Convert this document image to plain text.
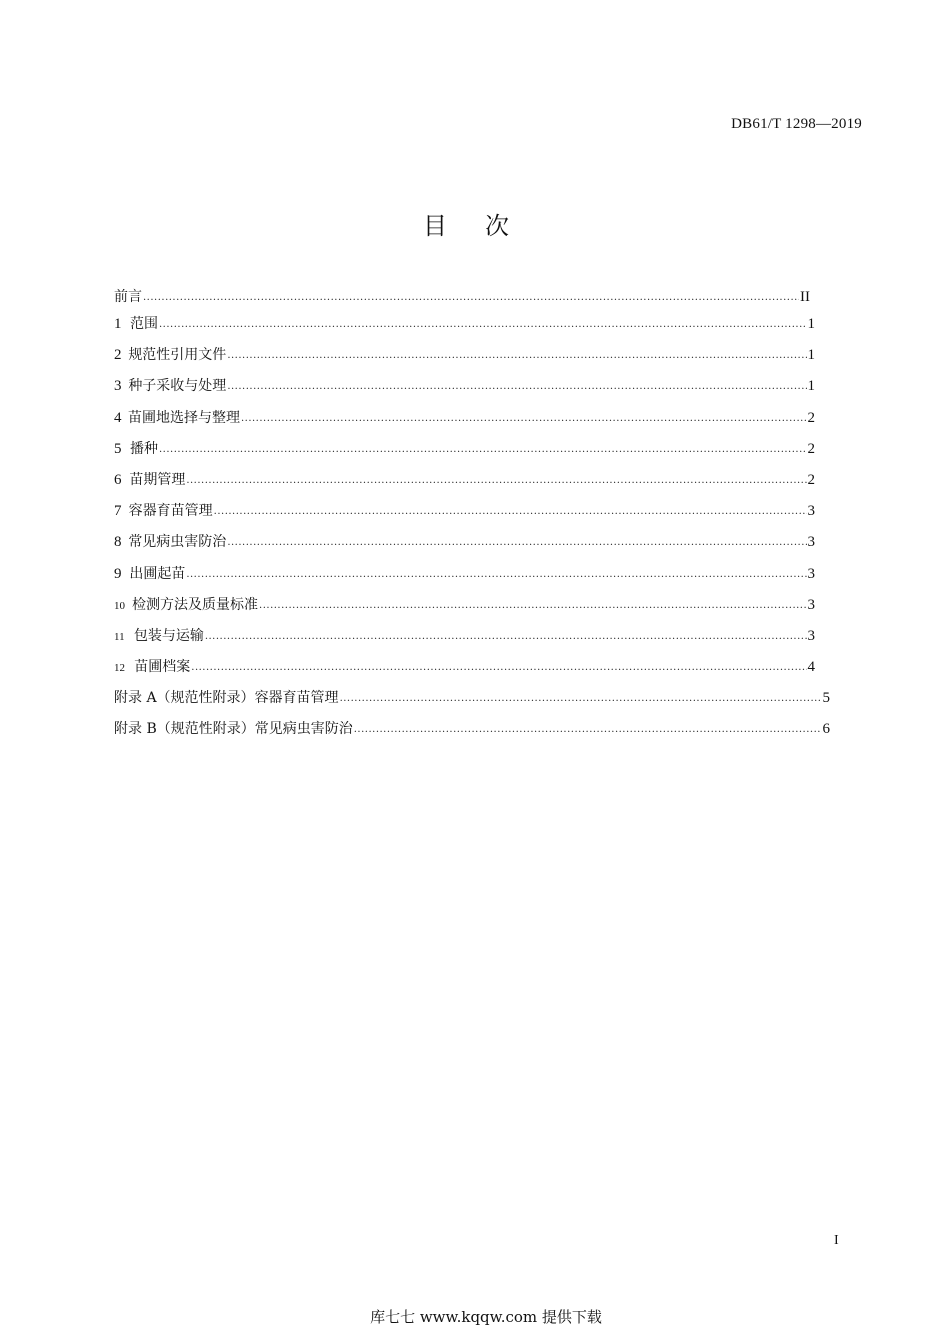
DB61/T 1298—2019
目次
前言 .....	II
1 范围 .....	1
2 规范性引用文件 .....	1
3 种子采收与处理 .....	1
4 苗圃地选择与整理 .....	2
5 播种 .....	2
6 苗期管理 .....	2
7 容器育苗管理 .....	3
8 常见病虫害防治 .....	3
9 出圃起苗 .....	3
10 检测方法及质量标准 .....	3
11 包装与运输 .....	3
12 苗圃档案 .....	4
附录 A（规范性附录） 容器育苗管理 .....	5
附录 B（规范性附录） 常见病虫害防治 .....	6
I
库七七 www.kqqw.com 提供下载
